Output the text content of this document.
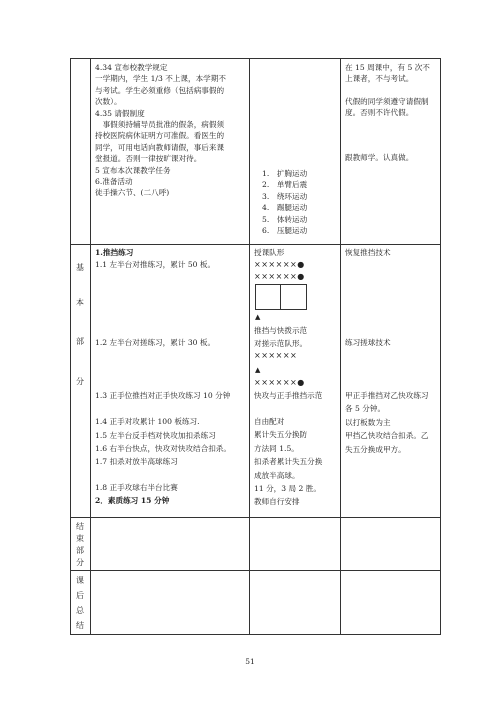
4.34 宣布校教学规定

一学期内，学生 1/3 不上课，本学期不

与考试。学生必须重修（包括病事假的

次数）。

4.35 请假制度

　事假须持辅导员批准的假条，病假须

持校医院病休证明方可准假。看医生的

同学，可用电话向教师请假，事后来课

堂报道。否则一律按旷课对待。

5 宣布本次课教学任务

6.准备活动

徒手操六节、(二八呼)

1.　扩胸运动

2.　单臂后震

3.　绕环运动

4.　踢腿运动

5.　体转运动

6.　压腿运动

在 15 周课中，有 5 次不

上课者，不与考试。

代假的同学须遵守请假制

度。否则不许代假。

跟教师学。认真做。

基
本
部
分
1.推挡练习
1.1 左半台对推练习，累计 50 板。
1.2 左半台对搓练习，累计 30 板。
1.3 正手位推挡对正手快攻练习 10 分钟
1.4 正手对攻累计 100 板练习.
1.5 左半台反手档对快攻加扣杀练习
1.6 右半台快点，快攻对快攻结合扣杀。
1.7 扣杀对放半高球练习
1.8 正手攻球右半台比赛
2．素质练习 15 分钟
授课队形
××××××●
××××××●
▲
推挡与快拨示范
对搓示范队形。
××××××
▲
××××××●
快攻与正手推挡示范

自由配对

累计失五分换防

方法同 1.5。

扣杀者累计失五分换

成放半高球。

11 分，3 局 2 胜。

教师自行安排

恢复推挡技术
练习搓球技术

甲正手推挡对乙快攻练习

各 5 分钟。

以打板数为主

甲挡乙快攻结合扣杀。乙

失五分换成甲方。

结
束
部
分
课
后
总
结
51
